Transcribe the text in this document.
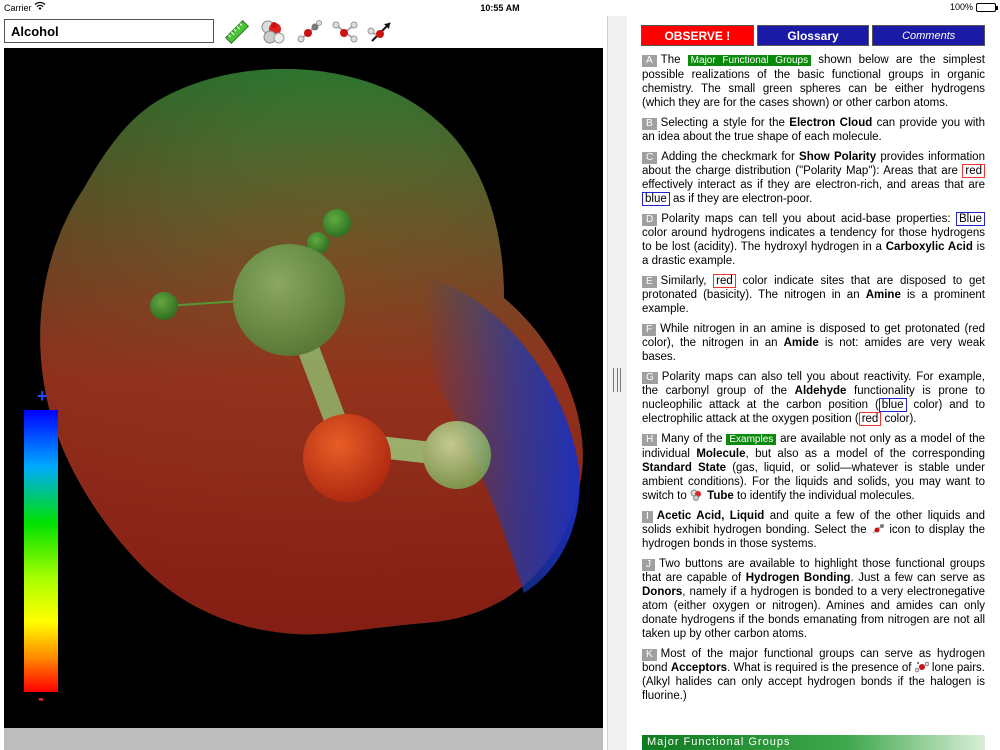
Carrier	10:55 AM	100%
Alcohol
+
-
OBSERVE !	Glossary	Comments

A The Major Functional Groups shown below are the simplest possible realizations of the basic functional groups in organic chemistry. The small green spheres can be either hydrogens (which they are for the cases shown) or other carbon atoms.

B Selecting a style for the Electron Cloud can provide you with an idea about the true shape of each molecule.

C Adding the checkmark for Show Polarity provides information about the charge distribution ("Polarity Map"): Areas that are red effectively interact as if they are electron-rich, and areas that are blue as if they are electron-poor.

D Polarity maps can tell you about acid-base properties: Blue color around hydrogens indicates a tendency for those hydrogens to be lost (acidity). The hydroxyl hydrogen in a Carboxylic Acid is a drastic example.

E Similarly, red color indicate sites that are disposed to get protonated (basicity). The nitrogen in an Amine is a prominent example.

F While nitrogen in an amine is disposed to get protonated (red color), the nitrogen in an Amide is not: amides are very weak bases.

G Polarity maps can also tell you about reactivity. For example, the carbonyl group of the Aldehyde functionality is prone to nucleophilic attack at the carbon position ( blue color) and to electrophilic attack at the oxygen position ( red color).

H Many of the Examples are available not only as a model of the individual Molecule, but also as a model of the corresponding Standard State (gas, liquid, or solid—whatever is stable under ambient conditions). For the liquids and solids, you may want to switch to Tube to identify the individual molecules.

I Acetic Acid, Liquid and quite a few of the other liquids and solids exhibit hydrogen bonding. Select the icon to display the hydrogen bonds in those systems.

J Two buttons are available to highlight those functional groups that are capable of Hydrogen Bonding. Just a few can serve as Donors, namely if a hydrogen is bonded to a very electronegative atom (either oxygen or nitrogen). Amines and amides can only donate hydrogens if the bonds emanating from nitrogen are not all taken up by other carbon atoms.

K Most of the major functional groups can serve as hydrogen bond Acceptors. What is required is the presence of lone pairs. (Alkyl halides can only accept hydrogen bonds if the halogen is fluorine.)

Major Functional Groups
